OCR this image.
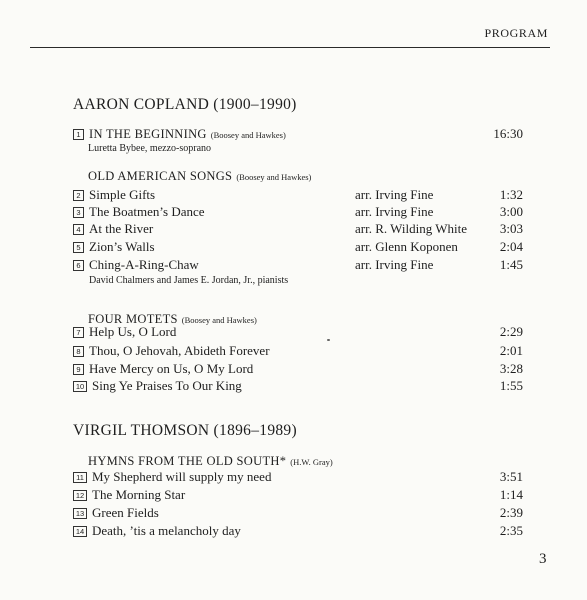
PROGRAM
AARON COPLAND (1900–1990)
1 IN THE BEGINNING (Boosey and Hawkes)	16:30
Luretta Bybee, mezzo-soprano
OLD AMERICAN SONGS (Boosey and Hawkes)
2 Simple Gifts	arr. Irving Fine	1:32
3 The Boatmen’s Dance	arr. Irving Fine	3:00
4 At the River	arr. R. Wilding White	3:03
5 Zion’s Walls	arr. Glenn Koponen	2:04
6 Ching-A-Ring-Chaw	arr. Irving Fine	1:45
David Chalmers and James E. Jordan, Jr., pianists
FOUR MOTETS (Boosey and Hawkes)
7 Help Us, O Lord	2:29
8 Thou, O Jehovah, Abideth Forever	2:01
9 Have Mercy on Us, O My Lord	3:28
10 Sing Ye Praises To Our King	1:55
VIRGIL THOMSON (1896–1989)
HYMNS FROM THE OLD SOUTH* (H.W. Gray)
11 My Shepherd will supply my need	3:51
12 The Morning Star	1:14
13 Green Fields	2:39
14 Death, ’tis a melancholy day	2:35
3
